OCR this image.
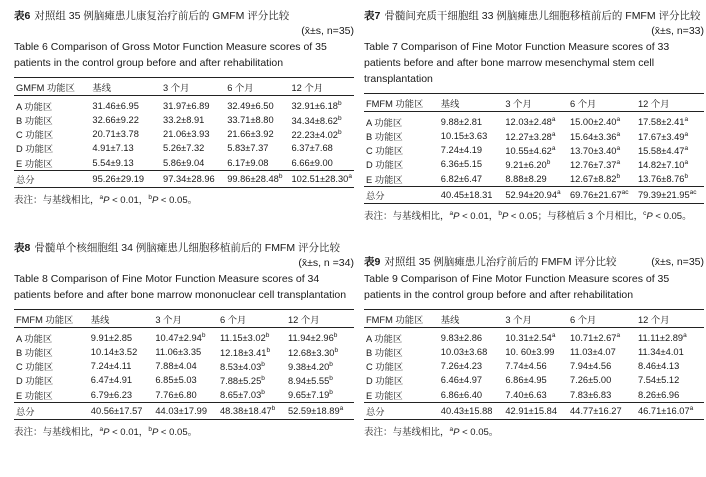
表6 对照组 35 例脑瘫患儿康复治疗前后的 GMFM 评分比较
(x̄±s, n=35)
Table 6 Comparison of Gross Motor Function Measure scores of 35 patients in the control group before and after rehabilitation
GMFM 功能区	基线	3 个月	6 个月	12 个月
A 功能区	31.46±6.95	31.97±6.89	32.49±6.50	32.91±6.18$^b$
B 功能区	32.66±9.22	33.2±8.91	33.71±8.80	34.34±8.62$^b$
C 功能区	20.71±3.78	21.06±3.93	21.66±3.92	22.23±4.02$^b$
D 功能区	4.91±7.13	5.26±7.32	5.83±7.37	6.37±7.68
E 功能区	5.54±9.13	5.86±9.04	6.17±9.08	6.66±9.00
总分	95.26±29.19	97.34±28.96	99.86±28.48$^b$	102.51±28.30$^a$
表注：与基线相比，$^a$P < 0.01，$^b$P < 0.05。
表7 骨髓间充质干细胞组 33 例脑瘫患儿细胞移植前后的 FMFM 评分比较
(x̄±s, n=33)
Table 7 Comparison of Fine Motor Function Measure scores of 33 patients before and after bone marrow mesenchymal stem cell transplantation
FMFM 功能区	基线	3 个月	6 个月	12 个月
A 功能区	9.88±2.81	12.03±2.48$^a$	15.00±2.40$^a$	17.58±2.41$^a$
B 功能区	10.15±3.63	12.27±3.28$^a$	15.64±3.36$^a$	17.67±3.49$^a$
C 功能区	7.24±4.19	10.55±4.62$^a$	13.70±3.40$^a$	15.58±4.47$^a$
D 功能区	6.36±5.15	9.21±6.20$^b$	12.76±7.37$^a$	14.82±7.10$^a$
E 功能区	6.82±6.47	8.88±8.29	12.67±8.82$^b$	13.76±8.76$^b$
总分	40.45±18.31	52.94±20.94$^a$	69.76±21.67$^{ac}$	79.39±21.95$^{ac}$
表注：与基线相比，$^a$P < 0.01，$^b$P < 0.05；与移植后 3 个月相比，$^c$P < 0.05。
表8 骨髓单个核细胞组 34 例脑瘫患儿细胞移植前后的 FMFM 评分比较
(x̄±s, n =34)
Table 8 Comparison of Fine Motor Function Measure scores of 34 patients before and after bone marrow mononuclear cell transplantation
FMFM 功能区	基线	3 个月	6 个月	12 个月
A 功能区	9.91±2.85	10.47±2.94$^b$	11.15±3.02$^b$	11.94±2.96$^b$
B 功能区	10.14±3.52	11.06±3.35	12.18±3.41$^b$	12.68±3.30$^b$
C 功能区	7.24±4.11	7.88±4.04	8.53±4.03$^b$	9.38±4.20$^b$
D 功能区	6.47±4.91	6.85±5.03	7.88±5.25$^b$	8.94±5.55$^b$
E 功能区	6.79±6.23	7.76±6.80	8.65±7.03$^b$	9.65±7.19$^b$
总分	40.56±17.57	44.03±17.99	48.38±18.47$^b$	52.59±18.89$^a$
表注：与基线相比，$^a$P < 0.01，$^b$P < 0.05。
表9 对照组 35 例脑瘫患儿治疗前后的 FMFM 评分比较	(x̄±s, n=35)
Table 9 Comparison of Fine Motor Function Measure scores of 35 patients in the control group before and after rehabilitation
FMFM 功能区	基线	3 个月	6 个月	12 个月
A 功能区	9.83±2.86	10.31±2.54$^a$	10.71±2.67$^a$	11.11±2.89$^a$
B 功能区	10.03±3.68	10. 60±3.99	11.03±4.07	11.34±4.01
C 功能区	7.26±4.23	7.74±4.56	7.94±4.56	8.46±4.13
D 功能区	6.46±4.97	6.86±4.95	7.26±5.00	7.54±5.12
E 功能区	6.86±6.40	7.40±6.63	7.83±6.83	8.26±6.96
总分	40.43±15.88	42.91±15.84	44.77±16.27	46.71±16.07$^a$
表注：与基线相比，$^a$P < 0.05。
